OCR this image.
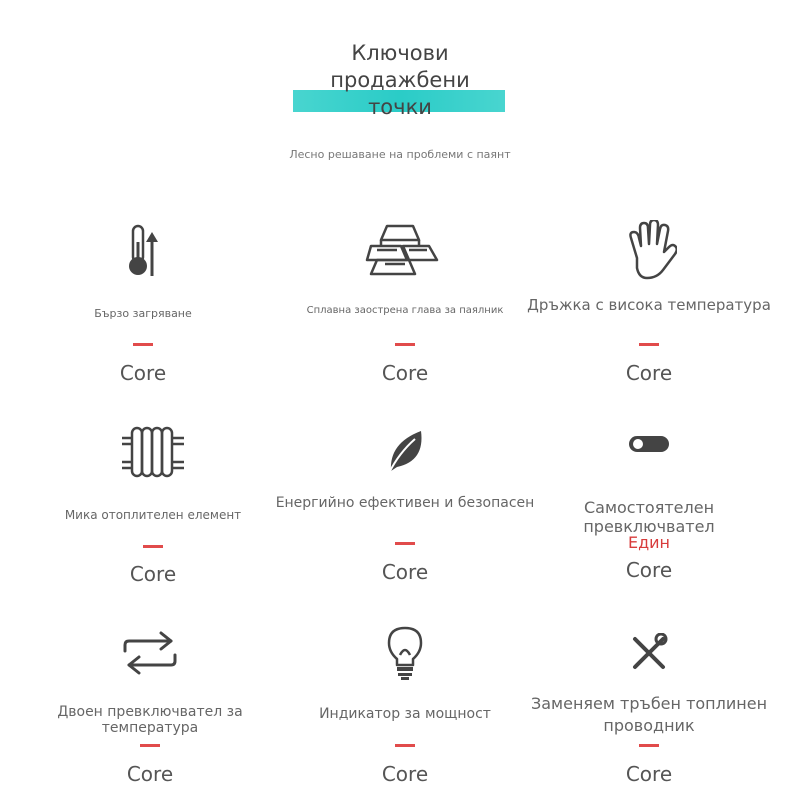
Ключови продажбени точки
Лесно решаване на проблеми с паянт
Бързо загряване
Core
Сплавна заострена глава за паялник
Core
Дръжка с висока температура
Core
Мика отоплителен елемент
Core
Енергийно ефективен и безопасен
Core
Самостоятелен превключвател
Един
Core
Двоен превключвател за температура
Core
Индикатор за мощност
Core
Заменяем тръбен топлинен проводник
Core
